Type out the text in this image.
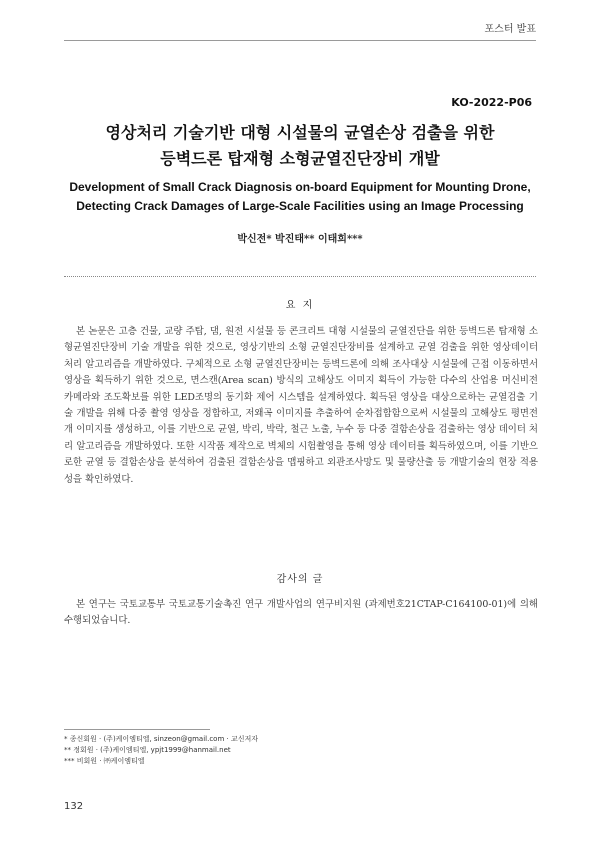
포스터 발표
KO-2022-P06
영상처리 기술기반 대형 시설물의 균열손상 검출을 위한
등벽드론 탑재형 소형균열진단장비 개발
Development of Small Crack Diagnosis on-board Equipment for Mounting Drone,
Detecting Crack Damages of Large-Scale Facilities using an Image Processing
박신전* 박진태** 이태희***
요 지

본 논문은 고층 건물, 교량 주탑, 댐, 원전 시설물 등 콘크리트 대형 시설물의 균열진단을 위한 등벽드론 탑재형 소형균열진단장비 기술 개발을 위한 것으로, 영상기반의 소형 균열진단장비를 설계하고 균열 검출을 위한 영상데이터 처리 알고리즘을 개발하였다. 구체적으로 소형 균열진단장비는 등벽드론에 의해 조사대상 시설물에 근접 이동하면서 영상을 획득하기 위한 것으로, 면스캔(Area scan) 방식의 고해상도 이미지 획득이 가능한 다수의 산업용 머신비전 카메라와 조도확보를 위한 LED조명의 동기화 제어 시스템을 설계하였다. 획득된 영상을 대상으로하는 균열검출 기술 개발을 위해 다중 촬영 영상을 정합하고, 저왜곡 이미지를 추출하여 순차접합함으로써 시설물의 고해상도 평면전개 이미지를 생성하고, 이를 기반으로 균열, 박리, 박락, 철근 노출, 누수 등 다중 결함손상을 검출하는 영상 데이터 처리 알고리즘을 개발하였다. 또한 시작품 제작으로 벽체의 시험촬영을 통해 영상 데이터를 획득하였으며, 이를 기반으로한 균열 등 결함손상을 분석하여 검출된 결함손상을 맵핑하고 외관조사망도 및 물량산출 등 개발기술의 현장 적용성을 확인하였다.

감사의 글

본 연구는 국토교통부 국토교통기술촉진 연구 개발사업의 연구비지원 (과제번호21CTAP-C164100-01)에 의해 수행되었습니다.

* 종신회원 · (주)케이엠티엘, sinzeon@gmail.com · 교신저자
** 정회원 · (주)케이엠티엘, ypjt1999@hanmail.net
*** 비회원 · ㈜케이엠티엘
132
